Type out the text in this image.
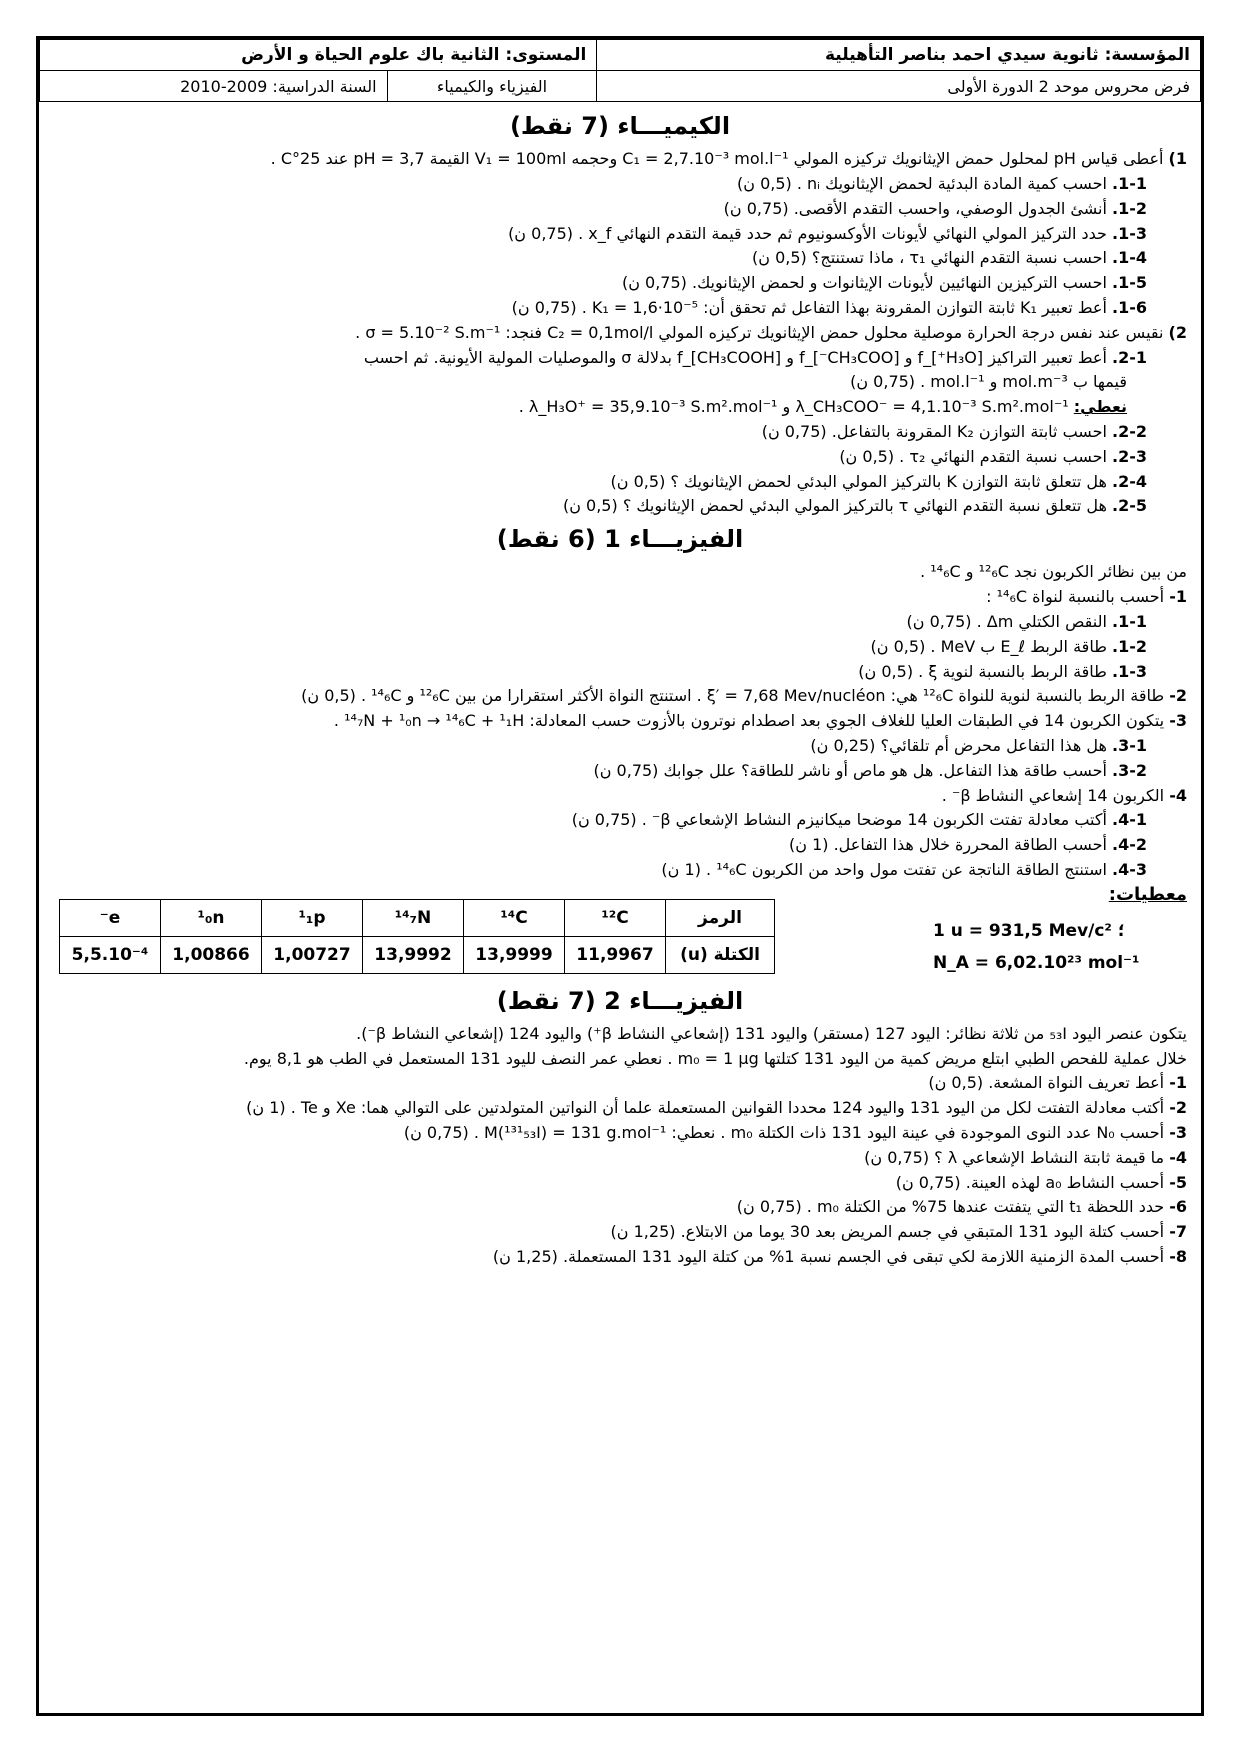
المؤسسة: ثانوية سيدي احمد بناصر التأهيلية	المستوى: الثانية باك علوم الحياة و الأرض	
فرض محروس موحد 2 الدورة الأولى	الفيزياء والكيمياء	السنة الدراسية: 2009-2010
الكيميـــاء (7 نقط)
1) أعطى قياس pH لمحلول حمض الإيثانويك تركيزه المولي C₁ = 2,7.10⁻³ mol.l⁻¹ وحجمه V₁ = 100ml القيمة pH = 3,7 عند 25°C .
1-1. احسب كمية المادة البدئية لحمض الإيثانويك nᵢ . (0,5 ن)
1-2. أنشئ الجدول الوصفي، واحسب التقدم الأقصى. (0,75 ن)
1-3. حدد التركيز المولي النهائي لأيونات الأوكسونيوم ثم حدد قيمة التقدم النهائي x_f . (0,75 ن)
1-4. احسب نسبة التقدم النهائي τ₁ ، ماذا تستنتج؟ (0,5 ن)
1-5. احسب التركيزين النهائيين لأيونات الإيثانوات و لحمض الإيثانويك. (0,75 ن)
1-6. أعط تعبير K₁ ثابتة التوازن المقرونة بهذا التفاعل ثم تحقق أن: K₁ = 1,6·10⁻⁵ . (0,75 ن)
2) نقيس عند نفس درجة الحرارة موصلية محلول حمض الإيثانويك تركيزه المولي C₂ = 0,1mol/l فنجد: σ = 5.10⁻² S.m⁻¹ .
2-1. أعط تعبير التراكيز [H₃O⁺]_f و [CH₃COO⁻]_f و [CH₃COOH]_f بدلالة σ والموصليات المولية الأيونية. ثم احسب
قيمها ب mol.m⁻³ و mol.l⁻¹ . (0,75 ن)
نعطي: λ_CH₃COO⁻ = 4,1.10⁻³ S.m².mol⁻¹ و λ_H₃O⁺ = 35,9.10⁻³ S.m².mol⁻¹ .
2-2. احسب ثابتة التوازن K₂ المقرونة بالتفاعل. (0,75 ن)
2-3. احسب نسبة التقدم النهائي τ₂ . (0,5 ن)
2-4. هل تتعلق ثابتة التوازن K بالتركيز المولي البدئي لحمض الإيثانويك ؟ (0,5 ن)
2-5. هل تتعلق نسبة التقدم النهائي τ بالتركيز المولي البدئي لحمض الإيثانويك ؟ (0,5 ن)
الفيزيـــاء 1 (6 نقط)
من بين نظائر الكربون نجد ¹²₆C و ¹⁴₆C .
1- أحسب بالنسبة لنواة ¹⁴₆C :
1-1. النقص الكتلي Δm . (0,75 ن)
1-2. طاقة الربط E_ℓ ب MeV . (0,5 ن)
1-3. طاقة الربط بالنسبة لنوية ξ . (0,5 ن)
2- طاقة الربط بالنسبة لنوية للنواة ¹²₆C هي: ξ′ = 7,68 Mev/nucléon . استنتج النواة الأكثر استقرارا من بين ¹²₆C و ¹⁴₆C . (0,5 ن)
3- يتكون الكربون 14 في الطبقات العليا للغلاف الجوي بعد اصطدام نوترون بالأزوت حسب المعادلة: ¹⁴₇N + ¹₀n → ¹⁴₆C + ¹₁H .
3-1. هل هذا التفاعل محرض أم تلقائي؟ (0,25 ن)
3-2. أحسب طاقة هذا التفاعل. هل هو ماص أو ناشر للطاقة؟ علل جوابك (0,75 ن)
4- الكربون 14 إشعاعي النشاط β⁻ .
4-1. أكتب معادلة تفتت الكربون 14 موضحا ميكانيزم النشاط الإشعاعي β⁻ . (0,75 ن)
4-2. أحسب الطاقة المحررة خلال هذا التفاعل. (1 ن)
4-3. استنتج الطاقة الناتجة عن تفتت مول واحد من الكربون ¹⁴₆C . (1 ن)
معطيات:
1 u = 931,5 Mev/c² ؛
N_A = 6,02.10²³ mol⁻¹
الرمز	¹²C	¹⁴C	¹⁴₇N	¹₁p	¹₀n	e⁻
الكتلة (u)	11,9967	13,9999	13,9992	1,00727	1,00866	5,5.10⁻⁴
الفيزيـــاء 2 (7 نقط)
يتكون عنصر اليود ₅₃I من ثلاثة نظائر: اليود 127 (مستقر) واليود 131 (إشعاعي النشاط β⁺) واليود 124 (إشعاعي النشاط β⁻).
خلال عملية للفحص الطبي ابتلع مريض كمية من اليود 131 كتلتها m₀ = 1 μg . نعطي عمر النصف لليود 131 المستعمل في الطب هو 8,1 يوم.
1- أعط تعريف النواة المشعة. (0,5 ن)
2- أكتب معادلة التفتت لكل من اليود 131 واليود 124 محددا القوانين المستعملة علما أن النواتين المتولدتين على التوالي هما: Xe و Te . (1 ن)
3- أحسب N₀ عدد النوى الموجودة في عينة اليود 131 ذات الكتلة m₀ . نعطي: M(¹³¹₅₃I) = 131 g.mol⁻¹ . (0,75 ن)
4- ما قيمة ثابتة النشاط الإشعاعي λ ؟ (0,75 ن)
5- أحسب النشاط a₀ لهذه العينة. (0,75 ن)
6- حدد اللحظة t₁ التي يتفتت عندها 75% من الكتلة m₀ . (0,75 ن)
7- أحسب كتلة اليود 131 المتبقي في جسم المريض بعد 30 يوما من الابتلاع. (1,25 ن)
8- أحسب المدة الزمنية اللازمة لكي تبقى في الجسم نسبة 1% من كتلة اليود 131 المستعملة. (1,25 ن)
